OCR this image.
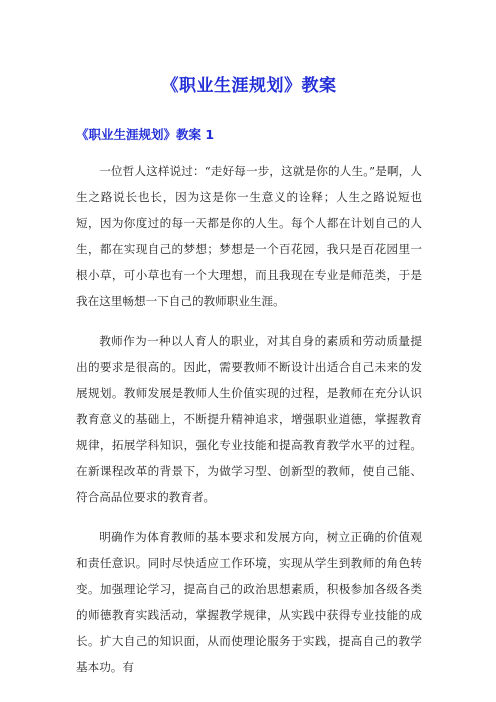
《职业生涯规划》教案
《职业生涯规划》教案 1

一位哲人这样说过：“走好每一步，这就是你的人生。”是啊，人生之路说长也长，因为这是你一生意义的诠释；人生之路说短也短，因为你度过的每一天都是你的人生。每个人都在计划自己的人生，都在实现自己的梦想；梦想是一个百花园，我只是百花园里一根小草，可小草也有一个大理想，而且我现在专业是师范类，于是我在这里畅想一下自己的教师职业生涯。

教师作为一种以人育人的职业，对其自身的素质和劳动质量提出的要求是很高的。因此，需要教师不断设计出适合自己未来的发展规划。教师发展是教师人生价值实现的过程，是教师在充分认识教育意义的基础上，不断提升精神追求，增强职业道德，掌握教育规律，拓展学科知识，强化专业技能和提高教育教学水平的过程。在新课程改革的背景下，为做学习型、创新型的教师，使自己能、符合高品位要求的教育者。

明确作为体育教师的基本要求和发展方向，树立正确的价值观和责任意识。同时尽快适应工作环境，实现从学生到教师的角色转变。加强理论学习，提高自己的政治思想素质，积极参加各级各类的师德教育实践活动，掌握教学规律，从实践中获得专业技能的成长。扩大自己的知识面，从而使理论服务于实践，提高自己的教学基本功。有
